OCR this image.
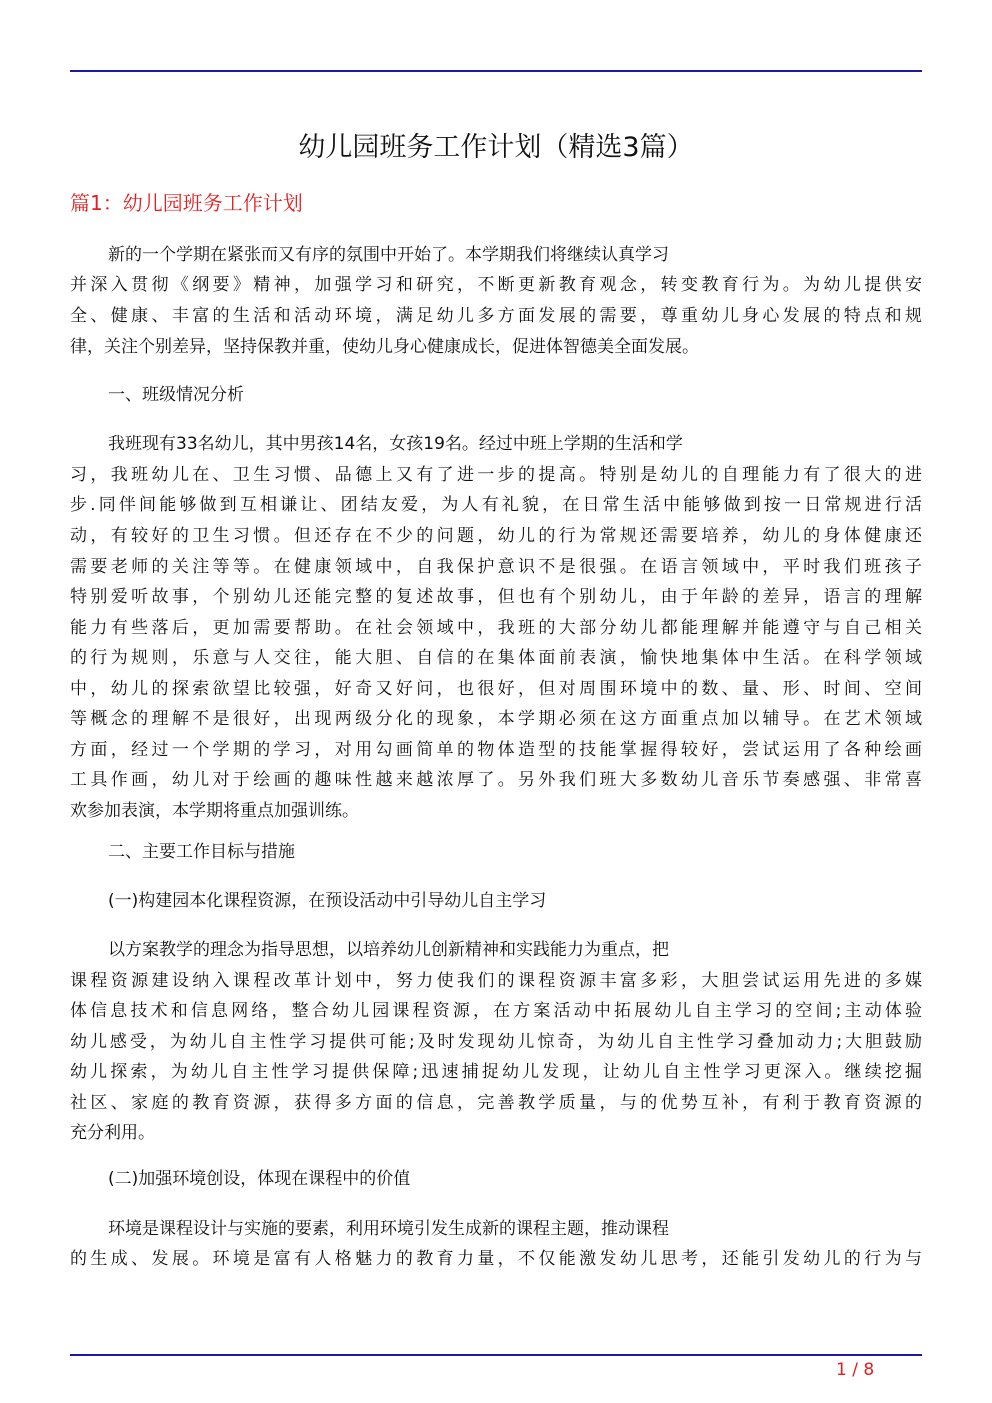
幼儿园班务工作计划（精选3篇）
篇1：幼儿园班务工作计划
新的一个学期在紧张而又有序的氛围中开始了。本学期我们将继续认真学习
并深入贯彻《纲要》精神，加强学习和研究，不断更新教育观念，转变教育行为。为幼儿提供安
全、健康、丰富的生活和活动环境，满足幼儿多方面发展的需要，尊重幼儿身心发展的特点和规
律，关注个别差异，坚持保教并重，使幼儿身心健康成长，促进体智德美全面发展。
一、班级情况分析
我班现有33名幼儿，其中男孩14名，女孩19名。经过中班上学期的生活和学
习，我班幼儿在、卫生习惯、品德上又有了进一步的提高。特别是幼儿的自理能力有了很大的进
步.同伴间能够做到互相谦让、团结友爱，为人有礼貌，在日常生活中能够做到按一日常规进行活
动，有较好的卫生习惯。但还存在不少的问题，幼儿的行为常规还需要培养，幼儿的身体健康还
需要老师的关注等等。在健康领域中，自我保护意识不是很强。在语言领域中，平时我们班孩子
特别爱听故事，个别幼儿还能完整的复述故事，但也有个别幼儿，由于年龄的差异，语言的理解
能力有些落后，更加需要帮助。在社会领域中，我班的大部分幼儿都能理解并能遵守与自己相关
的行为规则，乐意与人交往，能大胆、自信的在集体面前表演，愉快地集体中生活。在科学领域
中，幼儿的探索欲望比较强，好奇又好问，也很好，但对周围环境中的数、量、形、时间、空间
等概念的理解不是很好，出现两级分化的现象，本学期必须在这方面重点加以辅导。在艺术领域
方面，经过一个学期的学习，对用勾画简单的物体造型的技能掌握得较好，尝试运用了各种绘画
工具作画，幼儿对于绘画的趣味性越来越浓厚了。另外我们班大多数幼儿音乐节奏感强、非常喜
欢参加表演，本学期将重点加强训练。
二、主要工作目标与措施
(一)构建园本化课程资源，在预设活动中引导幼儿自主学习
以方案教学的理念为指导思想，以培养幼儿创新精神和实践能力为重点，把
课程资源建设纳入课程改革计划中，努力使我们的课程资源丰富多彩，大胆尝试运用先进的多媒
体信息技术和信息网络，整合幼儿园课程资源，在方案活动中拓展幼儿自主学习的空间;主动体验
幼儿感受，为幼儿自主性学习提供可能;及时发现幼儿惊奇，为幼儿自主性学习叠加动力;大胆鼓励
幼儿探索，为幼儿自主性学习提供保障;迅速捕捉幼儿发现，让幼儿自主性学习更深入。继续挖掘
社区、家庭的教育资源，获得多方面的信息，完善教学质量，与的优势互补，有利于教育资源的
充分利用。
(二)加强环境创设，体现在课程中的价值
环境是课程设计与实施的要素，利用环境引发生成新的课程主题，推动课程
的生成、发展。环境是富有人格魅力的教育力量，不仅能激发幼儿思考，还能引发幼儿的行为与
1 / 8
